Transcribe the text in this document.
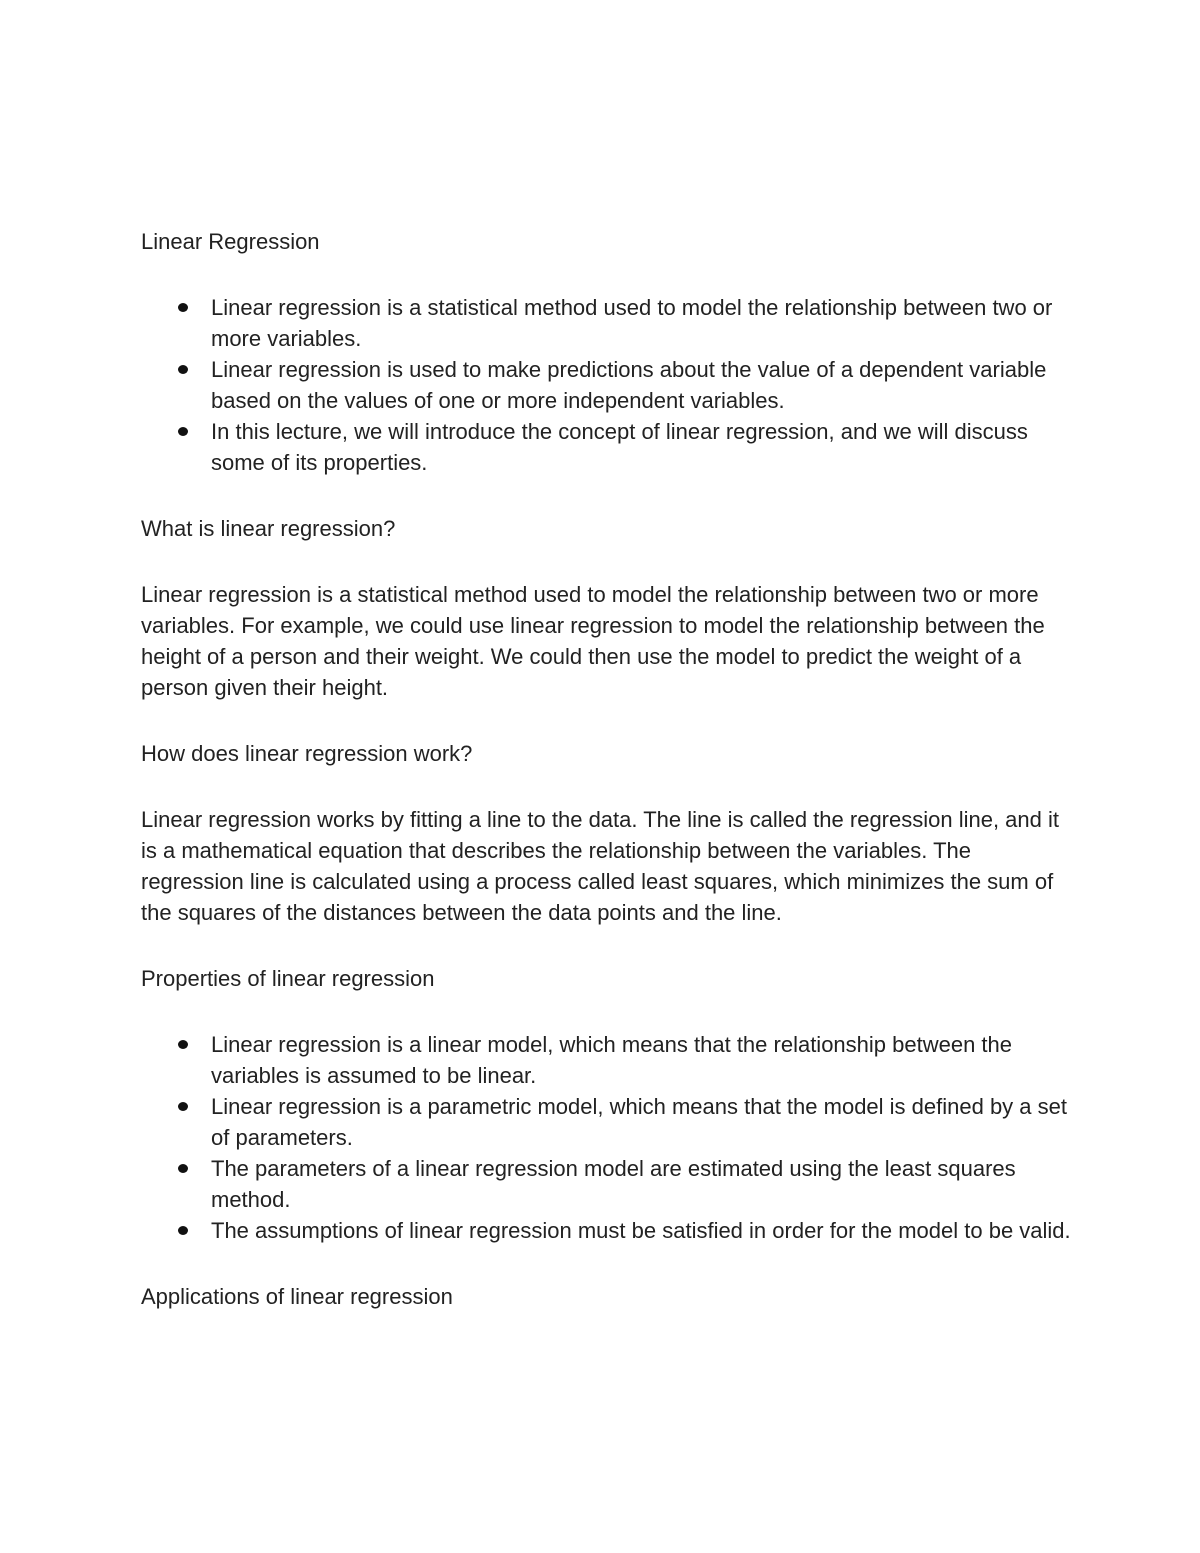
Linear Regression

Linear regression is a statistical method used to model the relationship between two or more variables.
Linear regression is used to make predictions about the value of a dependent variable based on the values of one or more independent variables.
In this lecture, we will introduce the concept of linear regression, and we will discuss some of its properties.

What is linear regression?

Linear regression is a statistical method used to model the relationship between two or more variables. For example, we could use linear regression to model the relationship between the height of a person and their weight. We could then use the model to predict the weight of a person given their height.

How does linear regression work?

Linear regression works by fitting a line to the data. The line is called the regression line, and it is a mathematical equation that describes the relationship between the variables. The regression line is calculated using a process called least squares, which minimizes the sum of the squares of the distances between the data points and the line.

Properties of linear regression

Linear regression is a linear model, which means that the relationship between the variables is assumed to be linear.
Linear regression is a parametric model, which means that the model is defined by a set of parameters.
The parameters of a linear regression model are estimated using the least squares method.
The assumptions of linear regression must be satisfied in order for the model to be valid.

Applications of linear regression
